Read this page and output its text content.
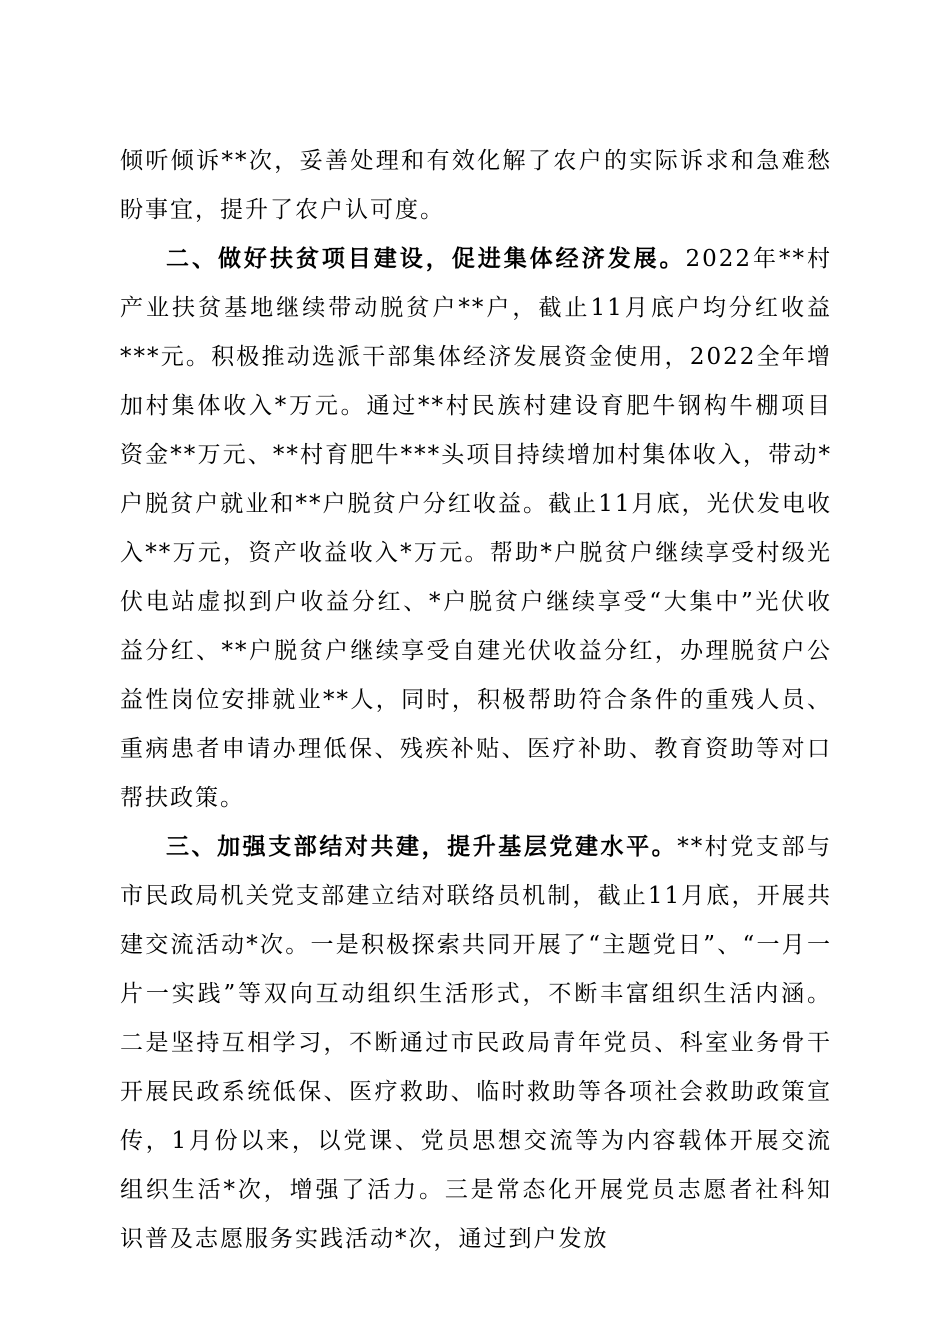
倾听倾诉**次，妥善处理和有效化解了农户的实际诉求和急难愁盼事宜，提升了农户认可度。

二、做好扶贫项目建设，促进集体经济发展。2022年**村产业扶贫基地继续带动脱贫户**户，截止11月底户均分红收益***元。积极推动选派干部集体经济发展资金使用，2022全年增加村集体收入*万元。通过**村民族村建设育肥牛钢构牛棚项目资金**万元、**村育肥牛***头项目持续增加村集体收入，带动*户脱贫户就业和**户脱贫户分红收益。截止11月底，光伏发电收入**万元，资产收益收入*万元。帮助*户脱贫户继续享受村级光伏电站虚拟到户收益分红、*户脱贫户继续享受“大集中”光伏收益分红、**户脱贫户继续享受自建光伏收益分红，办理脱贫户公益性岗位安排就业**人，同时，积极帮助符合条件的重残人员、重病患者申请办理低保、残疾补贴、医疗补助、教育资助等对口帮扶政策。

三、加强支部结对共建，提升基层党建水平。**村党支部与市民政局机关党支部建立结对联络员机制，截止11月底，开展共建交流活动*次。一是积极探索共同开展了“主题党日”、“一月一片一实践”等双向互动组织生活形式，不断丰富组织生活内涵。二是坚持互相学习，不断通过市民政局青年党员、科室业务骨干开展民政系统低保、医疗救助、临时救助等各项社会救助政策宣传，1月份以来，以党课、党员思想交流等为内容载体开展交流组织生活*次，增强了活力。三是常态化开展党员志愿者社科知识普及志愿服务实践活动*次，通过到户发放
